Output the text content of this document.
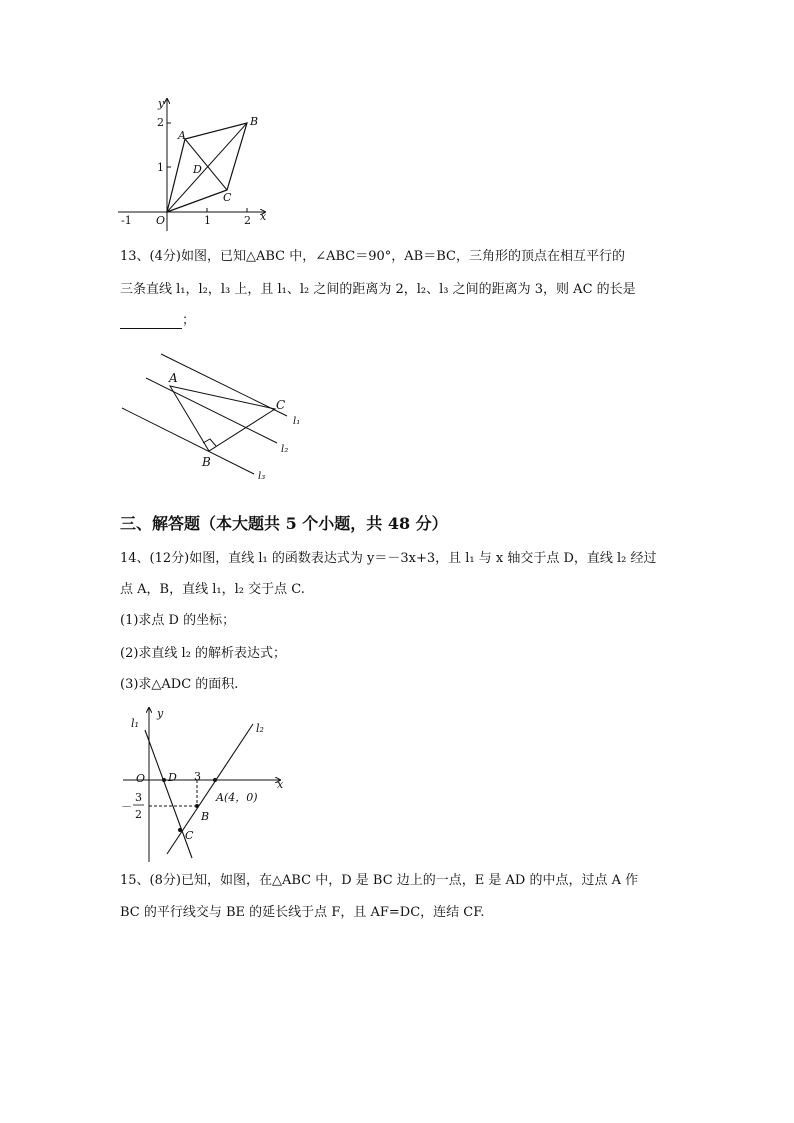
y
x
O
-1	1	2
1
2
A
B
C
D
13、(4分)如图，已知△ABC 中，∠ABC＝90°，AB＝BC，三角形的顶点在相互平行的
三条直线 l₁，l₂，l₃ 上，且 l₁、l₂ 之间的距离为 2，l₂、l₃ 之间的距离为 3，则 AC 的长是
；
A
C
B
l₁
l₂
l₃
三、解答题（本大题共 5 个小题，共 48 分）
14、(12分)如图，直线 l₁ 的函数表达式为 y＝－3x+3，且 l₁ 与 x 轴交于点 D，直线 l₂ 经过
点 A，B，直线 l₁，l₂ 交于点 C.
(1)求点 D 的坐标；
(2)求直线 l₂ 的解析表达式；
(3)求△ADC 的面积.
l₁	l₂
y
x
O D 3
A(4，0)
－
3
2	B
C
15、(8分)已知，如图，在△ABC 中，D 是 BC 边上的一点，E 是 AD 的中点，过点 A 作
BC 的平行线交与 BE 的延长线于点 F，且 AF=DC，连结 CF.
